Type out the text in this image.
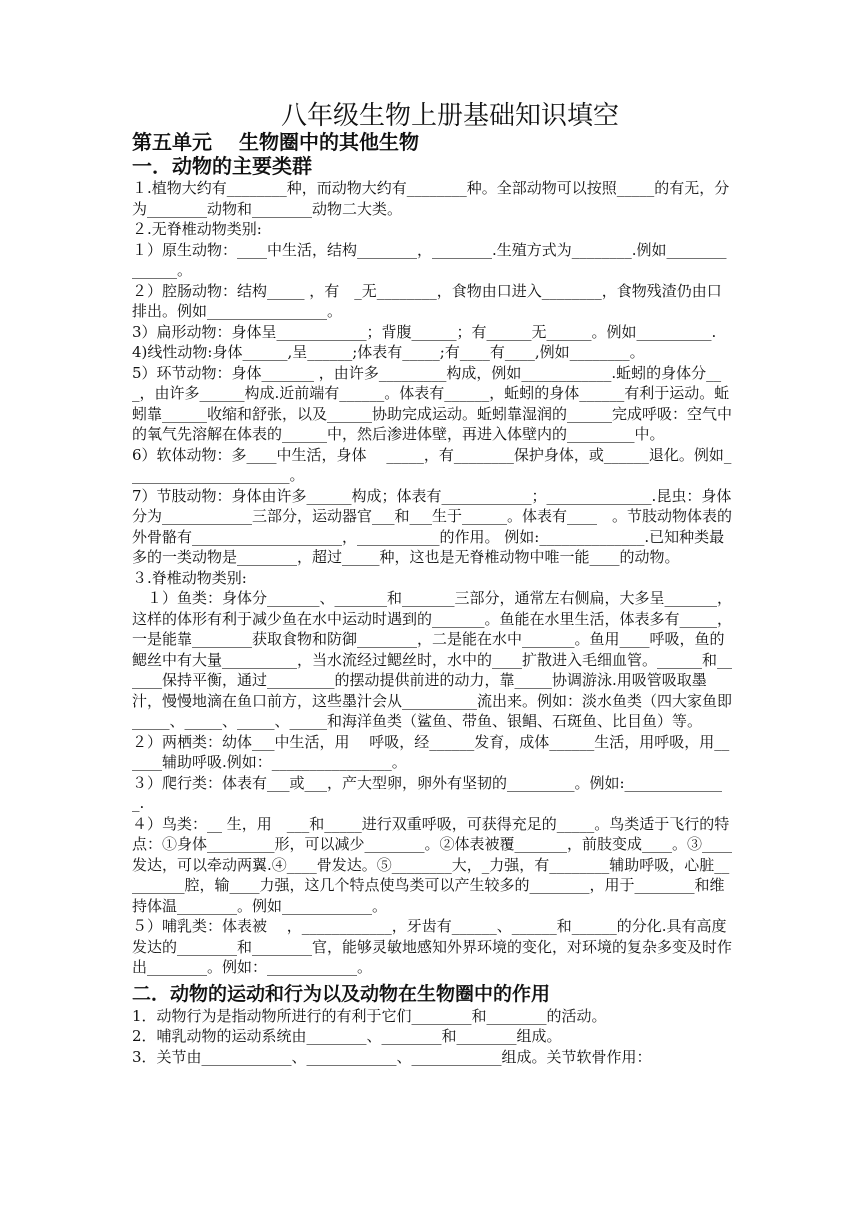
八年级生物上册基础知识填空

第五单元　 生物圈中的其他生物

一．动物的主要类群

１.植物大约有________种，而动物大约有________种。全部动物可以按照_____的有无，分为________动物和________动物二大类。

２.无脊椎动物类别:

１）原生动物：____中生活，结构________，________.生殖方式为________.例如______________。

２）腔肠动物：结构_____ ，有　_无________，食物由口进入________，食物残渣仍由口排出。例如________________。

3）扁形动物：身体呈____________；背腹______；有______无______。例如__________.

4)线性动物:身体______,呈______;体表有_____;有____有____,例如________。

5）环节动物：身体_______ ，由许多_________构成，例如____________.蚯蚓的身体分___，由许多______构成.近前端有______。体表有______，蚯蚓的身体______有利于运动。蚯蚓靠______收缩和舒张，以及______协助完成运动。蚯蚓靠湿润的______完成呼吸：空气中的氧气先溶解在体表的______中，然后渗进体壁，再进入体壁内的_________中。

6）软体动物：多____中生活，身体　 _____，有________保护身体，或______退化。例如______________________。

7）节肢动物：身体由许多______构成；体表有____________；______________.昆虫：身体分为____________三部分，运动器官___和___生于______。体表有____　。节肢动物体表的外骨骼有____________________，___________的作用。 例如:______________.已知种类最多的一类动物是________，超过_____种，这也是无脊椎动物中唯一能____的动物。

３.脊椎动物类别:

　１）鱼类：身体分_______、_______和_______三部分，通常左右侧扁，大多呈_______，这样的体形有利于减少鱼在水中运动时遇到的_______。鱼能在水里生活，体表多有_____，一是能靠________获取食物和防御________，二是能在水中_______。鱼用____呼吸，鱼的鳃丝中有大量__________，当水流经过鳃丝时，水中的____扩散进入毛细血管。______和______保持平衡，通过_________的摆动提供前进的动力，靠_____协调游泳.用吸管吸取墨汁，慢慢地滴在鱼口前方，这些墨汁会从__________流出来。例如：淡水鱼类（四大家鱼即_____、_____、_____、_____和海洋鱼类（鲨鱼、带鱼、银鲳、石斑鱼、比目鱼）等。

２）两栖类：幼体___中生活，用　 呼吸，经______发育，成体______生活，用呼吸，用______辅助呼吸.例如：________________。

３）爬行类：体表有___或___，产大型卵，卵外有坚韧的_________。例如:______________.

４）鸟类：__ 生，用　___和_____进行双重呼吸，可获得充足的_____。鸟类适于飞行的特点：①身体_________形，可以减少________。②体表被覆_______，前肢变成____。③____发达，可以牵动两翼.④____骨发达。⑤________大，_力强，有________辅助呼吸，心脏_________腔，输____力强，这几个特点使鸟类可以产生较多的________，用于________和维持体温________。例如____________。

５）哺乳类：体表被　 ，____________，牙齿有______、______和______的分化.具有高度发达的________和________官，能够灵敏地感知外界环境的变化，对环境的复杂多变及时作出________。例如：____________。

二．动物的运动和行为以及动物在生物圈中的作用

1．动物行为是指动物所进行的有利于它们________和________的活动。

2．哺乳动物的运动系统由________、________和________组成。

3．关节由____________、____________、____________组成。关节软骨作用：
